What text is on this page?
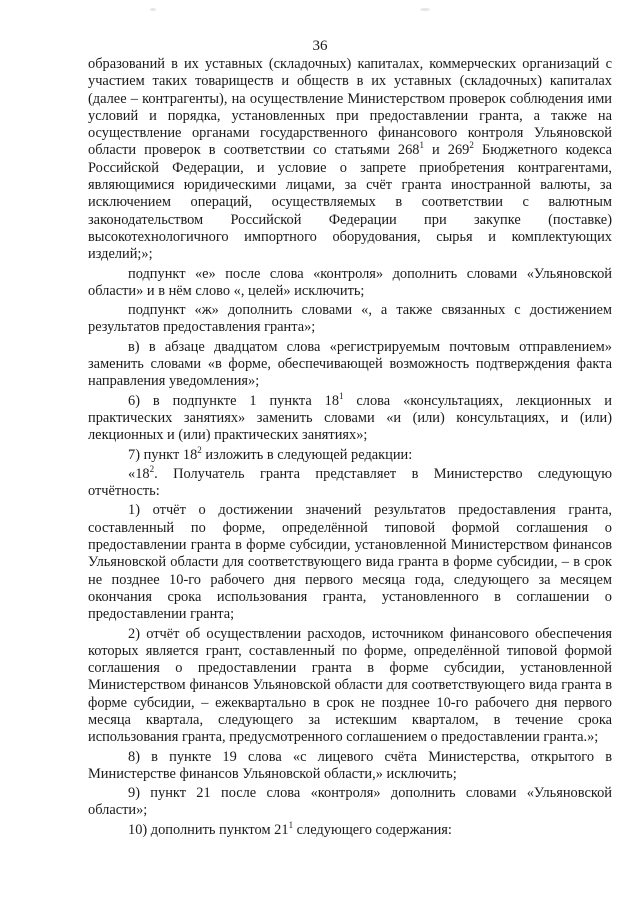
36

образований в их уставных (складочных) капиталах, коммерческих организаций с участием таких товариществ и обществ в их уставных (складочных) капиталах (далее – контрагенты), на осуществление Министерством проверок соблюдения ими условий и порядка, установленных при предоставлении гранта, а также на осуществление органами государственного финансового контроля Ульяновской области проверок в соответствии со статьями $268^1$ и $269^2$ Бюджетного кодекса Российской Федерации, и условие о запрете приобретения контрагентами, являющимися юридическими лицами, за счёт гранта иностранной валюты, за исключением операций, осуществляемых в соответствии с валютным законодательством Российской Федерации при закупке (поставке) высокотехнологичного импортного оборудования, сырья и комплектующих изделий;»;

подпункт «е» после слова «контроля» дополнить словами «Ульяновской области» и в нём слово «, целей» исключить;

подпункт «ж» дополнить словами «, а также связанных с достижением результатов предоставления гранта»;

в) в абзаце двадцатом слова «регистрируемым почтовым отправлением» заменить словами «в форме, обеспечивающей возможность подтверждения факта направления уведомления»;

6) в подпункте 1 пункта $18^1$ слова «консультациях, лекционных и практических занятиях» заменить словами «и (или) консультациях, и (или) лекционных и (или) практических занятиях»;

7) пункт $18^2$ изложить в следующей редакции:

«$18^2$. Получатель гранта представляет в Министерство следующую отчётность:

1) отчёт о достижении значений результатов предоставления гранта, составленный по форме, определённой типовой формой соглашения о предоставлении гранта в форме субсидии, установленной Министерством финансов Ульяновской области для соответствующего вида гранта в форме субсидии, – в срок не позднее 10-го рабочего дня первого месяца года, следующего за месяцем окончания срока использования гранта, установленного в соглашении о предоставлении гранта;

2) отчёт об осуществлении расходов, источником финансового обеспечения которых является грант, составленный по форме, определённой типовой формой соглашения о предоставлении гранта в форме субсидии, установленной Министерством финансов Ульяновской области для соответствующего вида гранта в форме субсидии, – ежеквартально в срок не позднее 10-го рабочего дня первого месяца квартала, следующего за истекшим кварталом, в течение срока использования гранта, предусмотренного соглашением о предоставлении гранта.»;

8) в пункте 19 слова «с лицевого счёта Министерства, открытого в Министерстве финансов Ульяновской области,» исключить;

9) пункт 21 после слова «контроля» дополнить словами «Ульяновской области»;

10) дополнить пунктом $21^1$ следующего содержания:
